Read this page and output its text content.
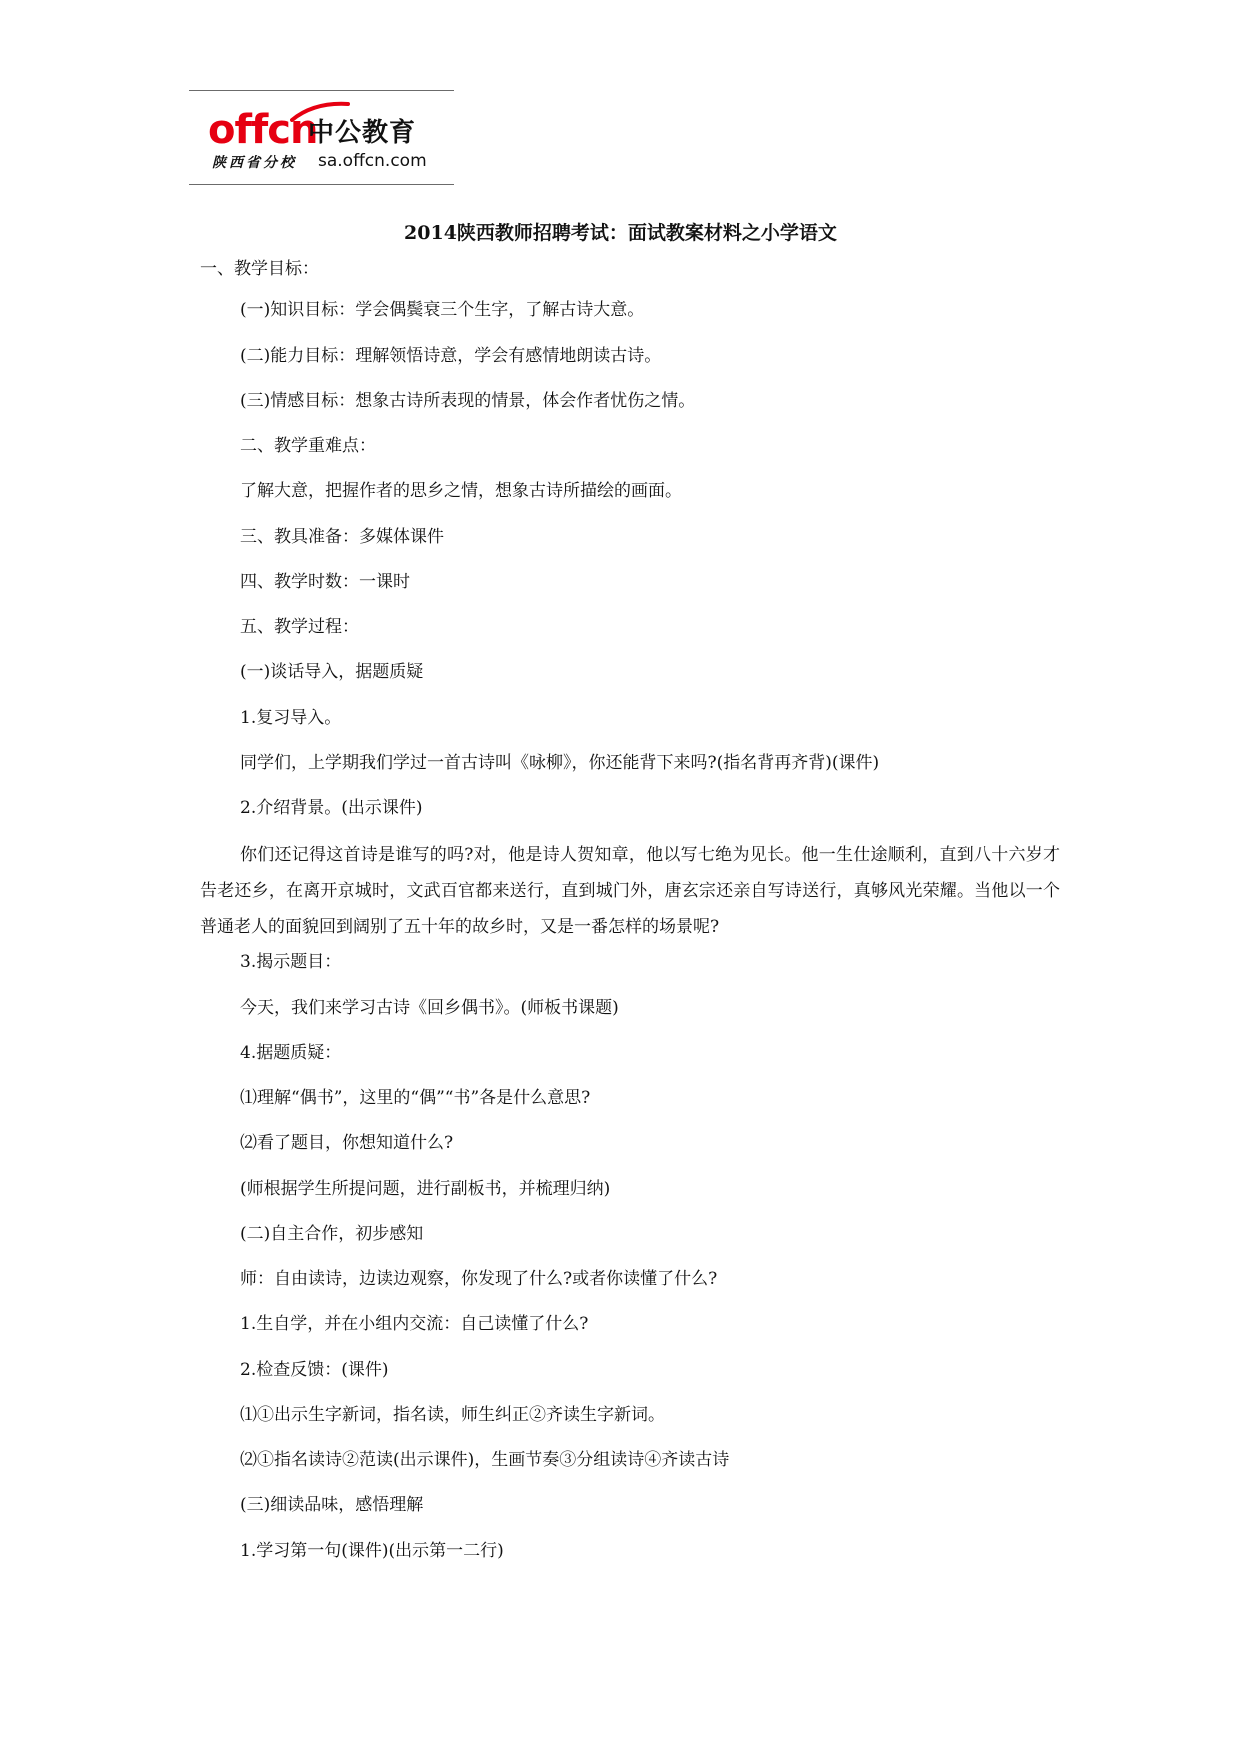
offcn
中公教育
陕西省分校 sa.offcn.com
2014陕西教师招聘考试：面试教案材料之小学语文
一、教学目标：
(一)知识目标：学会偶鬓衰三个生字，了解古诗大意。
(二)能力目标：理解领悟诗意，学会有感情地朗读古诗。
(三)情感目标：想象古诗所表现的情景，体会作者忧伤之情。
二、教学重难点：
了解大意，把握作者的思乡之情，想象古诗所描绘的画面。
三、教具准备：多媒体课件
四、教学时数：一课时
五、教学过程：
(一)谈话导入，据题质疑
1.复习导入。
同学们，上学期我们学过一首古诗叫《咏柳》，你还能背下来吗?(指名背再齐背)(课件)
2.介绍背景。(出示课件)
你们还记得这首诗是谁写的吗?对，他是诗人贺知章，他以写七绝为见长。他一生仕途顺利，直到八十六岁才告老还乡，在离开京城时，文武百官都来送行，直到城门外，唐玄宗还亲自写诗送行，真够风光荣耀。当他以一个普通老人的面貌回到阔别了五十年的故乡时，又是一番怎样的场景呢?
3.揭示题目：
今天，我们来学习古诗《回乡偶书》。(师板书课题)
4.据题质疑：
⑴理解“偶书”，这里的“偶”“书”各是什么意思?
⑵看了题目，你想知道什么?
(师根据学生所提问题，进行副板书，并梳理归纳)
(二)自主合作，初步感知
师：自由读诗，边读边观察，你发现了什么?或者你读懂了什么?
1.生自学，并在小组内交流：自己读懂了什么?
2.检查反馈：(课件)
⑴①出示生字新词，指名读，师生纠正②齐读生字新词。
⑵①指名读诗②范读(出示课件)，生画节奏③分组读诗④齐读古诗
(三)细读品味，感悟理解
1.学习第一句(课件)(出示第一二行)
